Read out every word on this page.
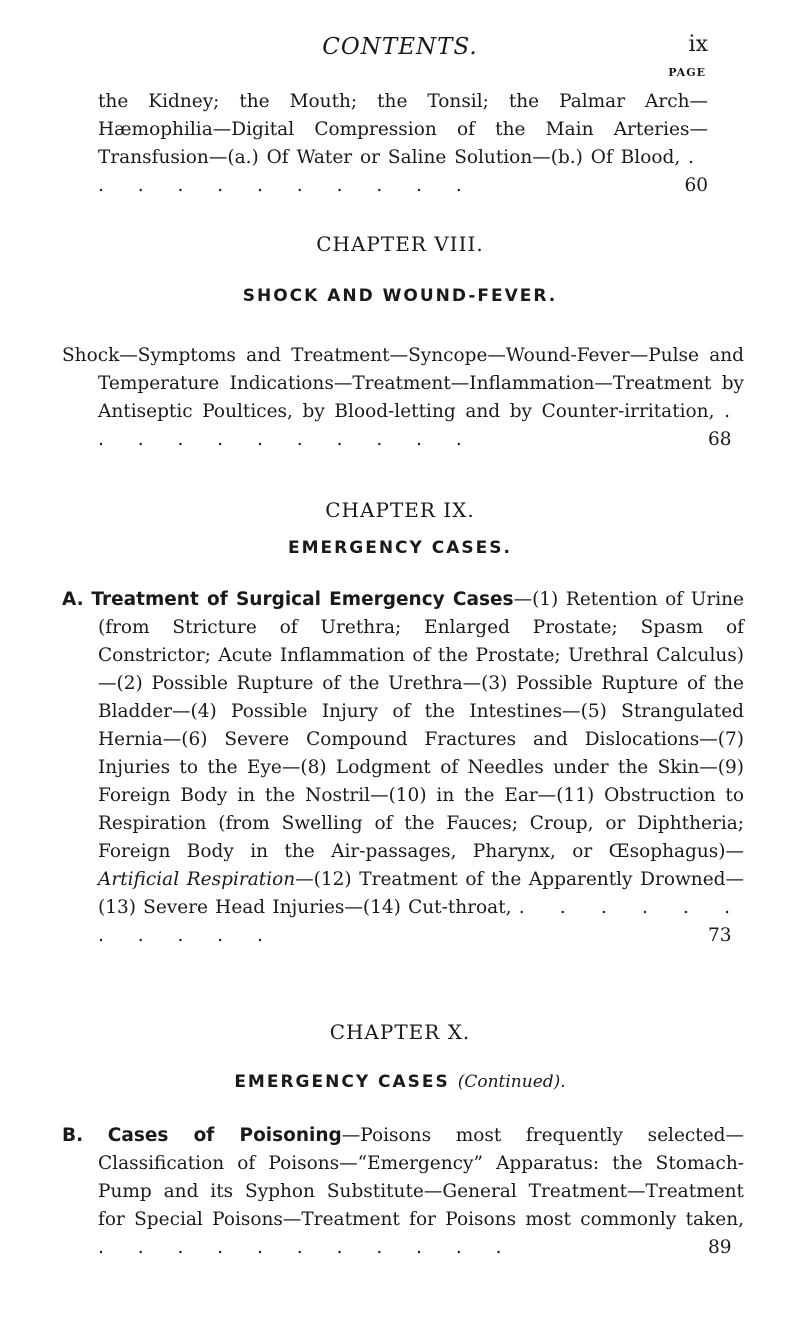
CONTENTS.	ix
PAGE
the Kidney; the Mouth; the Tonsil; the Palmar Arch—Hæmophilia—Digital Compression of the Main Arteries—Transfusion—(a.) Of Water or Saline Solution—(b.) Of Blood, . . . . . . . . . . .	60
CHAPTER VIII.
SHOCK AND WOUND-FEVER.
Shock—Symptoms and Treatment—Syncope—Wound-Fever—Pulse and Temperature Indications—Treatment—Inflammation—Treatment by Antiseptic Poultices, by Blood-letting and by Counter-irritation, . . . . . . . . . . .	68
CHAPTER IX.
EMERGENCY CASES.
A. Treatment of Surgical Emergency Cases—(1) Retention of Urine (from Stricture of Urethra; Enlarged Prostate; Spasm of Constrictor; Acute Inflammation of the Prostate; Urethral Calculus)—(2) Possible Rupture of the Urethra—(3) Possible Rupture of the Bladder—(4) Possible Injury of the Intestines—(5) Strangulated Hernia—(6) Severe Compound Fractures and Dislocations—(7) Injuries to the Eye—(8) Lodgment of Needles under the Skin—(9) Foreign Body in the Nostril—(10) in the Ear—(11) Obstruction to Respiration (from Swelling of the Fauces; Croup, or Diphtheria; Foreign Body in the Air-passages, Pharynx, or Œsophagus)—Artificial Respiration—(12) Treatment of the Apparently Drowned—(13) Severe Head Injuries—(14) Cut-throat, . . . . . . . . . . .	73
CHAPTER X.
EMERGENCY CASES (Continued).
B. Cases of Poisoning—Poisons most frequently selected—Classification of Poisons—“Emergency” Apparatus: the Stomach-Pump and its Syphon Substitute—General Treatment—Treatment for Special Poisons—Treatment for Poisons most commonly taken, . . . . . . . . . . .	89
